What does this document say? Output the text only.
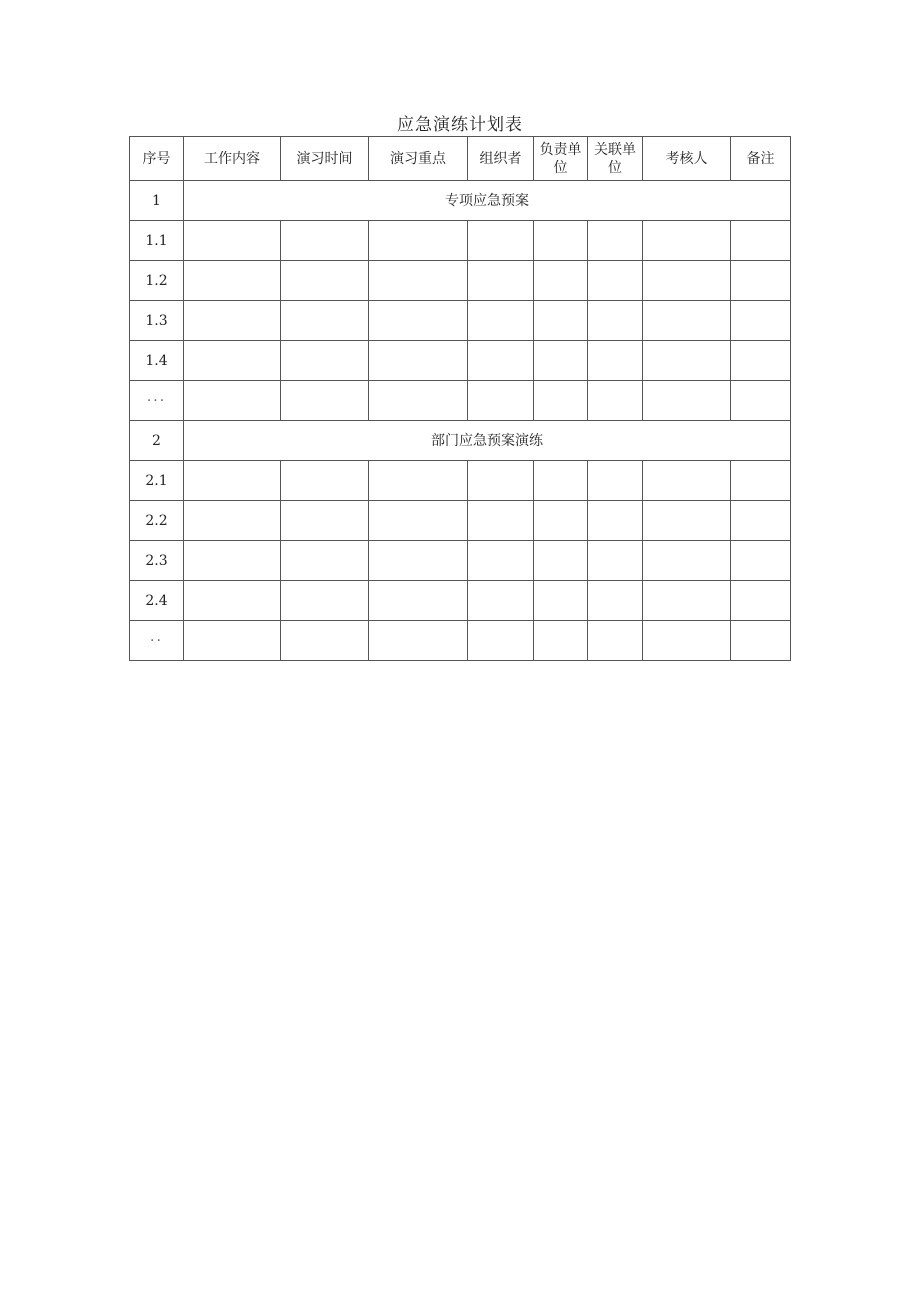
应急演练计划表
序号	工作内容	演习时间	演习重点	组织者	负责单位	关联单位	考核人	备注
1	专项应急预案							
1.1								
1.2								
1.3								
1.4								
···								
2	部门应急预案演练							
2.1								
2.2								
2.3								
2.4								
··								
